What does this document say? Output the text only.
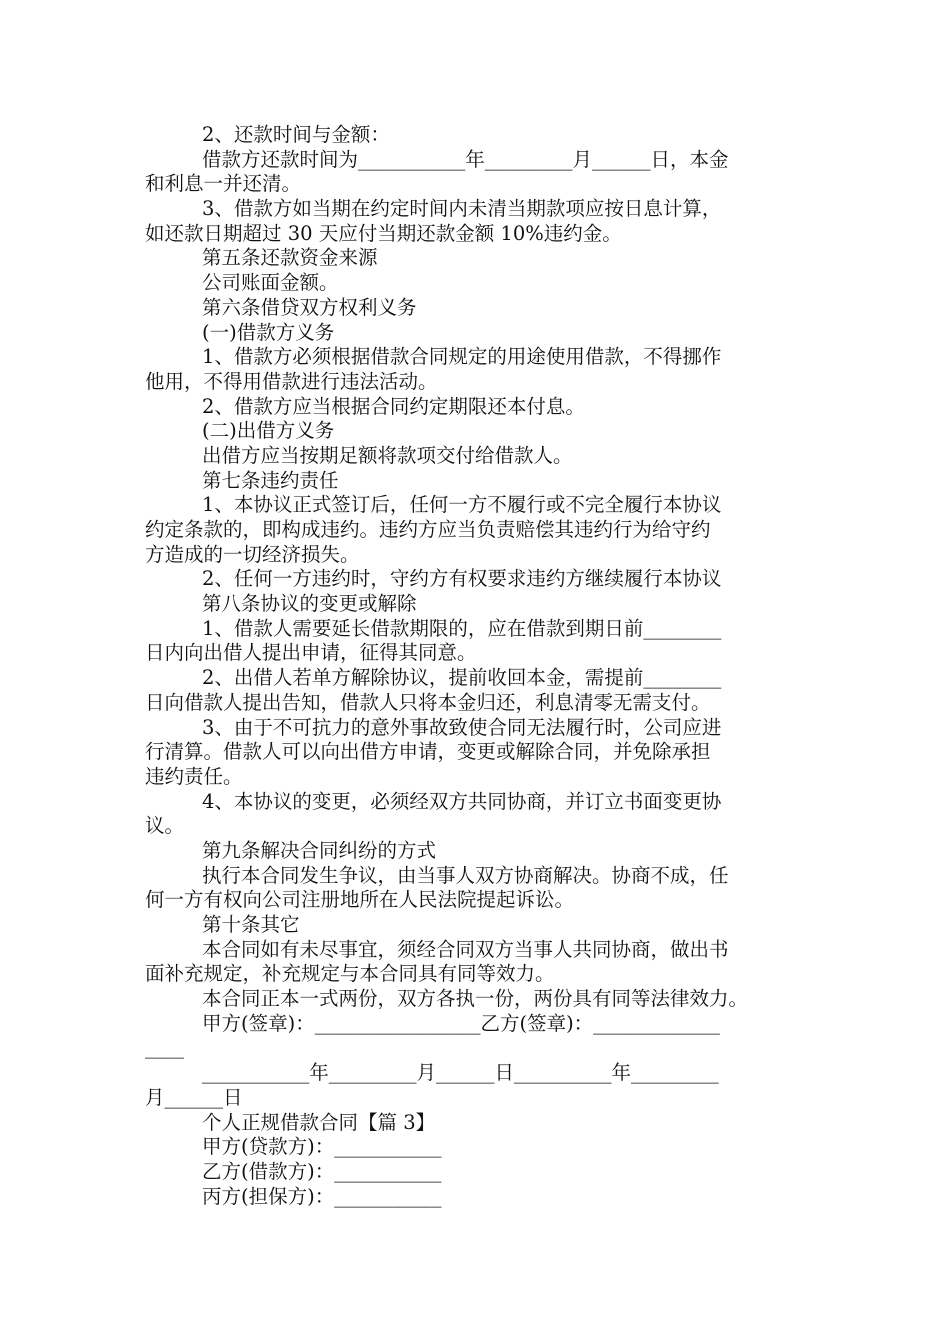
2、还款时间与金额：
借款方还款时间为___________年_________月______日，本金
和利息一并还清。
3、借款方如当期在约定时间内未清当期款项应按日息计算，
如还款日期超过 30 天应付当期还款金额 10%违约金。
第五条还款资金来源
公司账面金额。
第六条借贷双方权利义务
(一)借款方义务
1、借款方必须根据借款合同规定的用途使用借款，不得挪作
他用，不得用借款进行违法活动。
2、借款方应当根据合同约定期限还本付息。
(二)出借方义务
出借方应当按期足额将款项交付给借款人。
第七条违约责任
1、本协议正式签订后，任何一方不履行或不完全履行本协议
约定条款的，即构成违约。违约方应当负责赔偿其违约行为给守约
方造成的一切经济损失。
2、任何一方违约时，守约方有权要求违约方继续履行本协议
第八条协议的变更或解除
1、借款人需要延长借款期限的，应在借款到期日前________
日内向出借人提出申请，征得其同意。
2、出借人若单方解除协议，提前收回本金，需提前________
日向借款人提出告知，借款人只将本金归还，利息清零无需支付。
3、由于不可抗力的意外事故致使合同无法履行时，公司应进
行清算。借款人可以向出借方申请，变更或解除合同，并免除承担
违约责任。
4、本协议的变更，必须经双方共同协商，并订立书面变更协
议。
第九条解决合同纠纷的方式
执行本合同发生争议，由当事人双方协商解决。协商不成，任
何一方有权向公司注册地所在人民法院提起诉讼。
第十条其它
本合同如有未尽事宜，须经合同双方当事人共同协商，做出书
面补充规定，补充规定与本合同具有同等效力。
本合同正本一式两份，双方各执一份，两份具有同等法律效力。
甲方(签章)：_________________乙方(签章)：_____________
____
___________年_________月______日__________年_________
月______日
个人正规借款合同【篇 3】
甲方(贷款方)：___________
乙方(借款方)：___________
丙方(担保方)：___________
